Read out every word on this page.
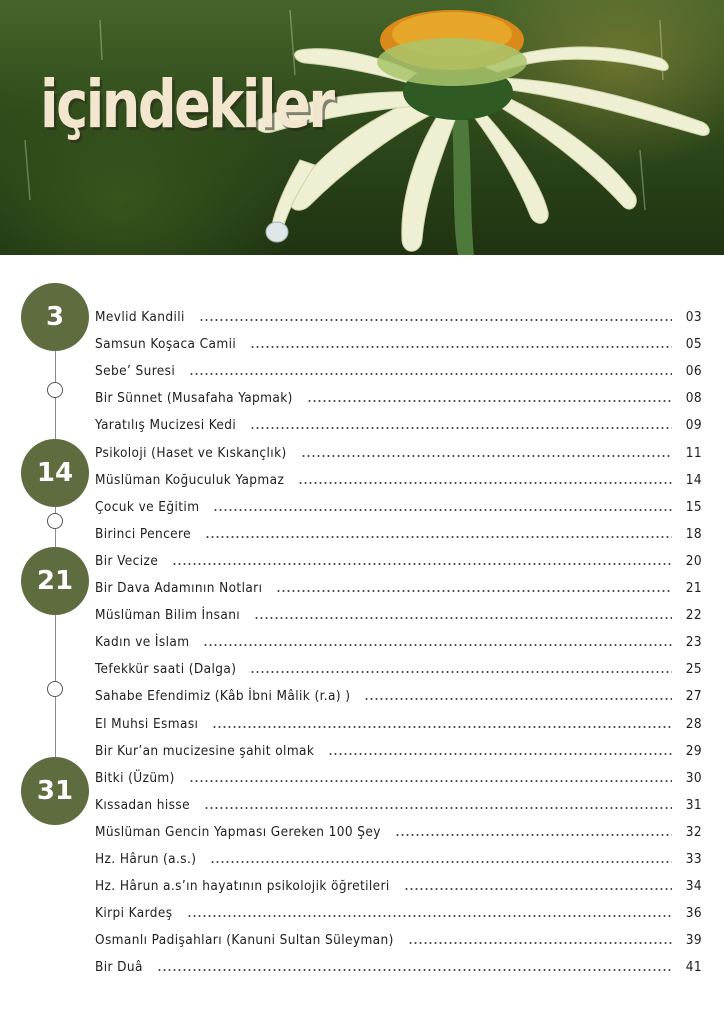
içindekiler
3
14
21
31
Mevlid Kandili	03
Samsun Koşaca Camii	05
Sebe’ Suresi	06
Bir Sünnet (Musafaha Yapmak)	08
Yaratılış Mucizesi Kedi	09
Psikoloji (Haset ve Kıskançlık)	11
Müslüman Koğuculuk Yapmaz	14
Çocuk ve Eğitim	15
Birinci Pencere	18
Bir Vecize	20
Bir Dava Adamının Notları	21
Müslüman Bilim İnsanı	22
Kadın ve İslam	23
Tefekkür saati (Dalga)	25
Sahabe Efendimiz (Kâb İbni Mâlik (r.a) )	27
El Muhsi Esması	28
Bir Kur’an mucizesine şahit olmak	29
Bitki (Üzüm)	30
Kıssadan hisse	31
Müslüman Gencin Yapması Gereken 100 Şey	32
Hz. Hârun (a.s.)	33
Hz. Hârun a.s’ın hayatının psikolojik öğretileri	34
Kirpi Kardeş	36
Osmanlı Padişahları (Kanuni Sultan Süleyman)	39
Bir Duâ	41
